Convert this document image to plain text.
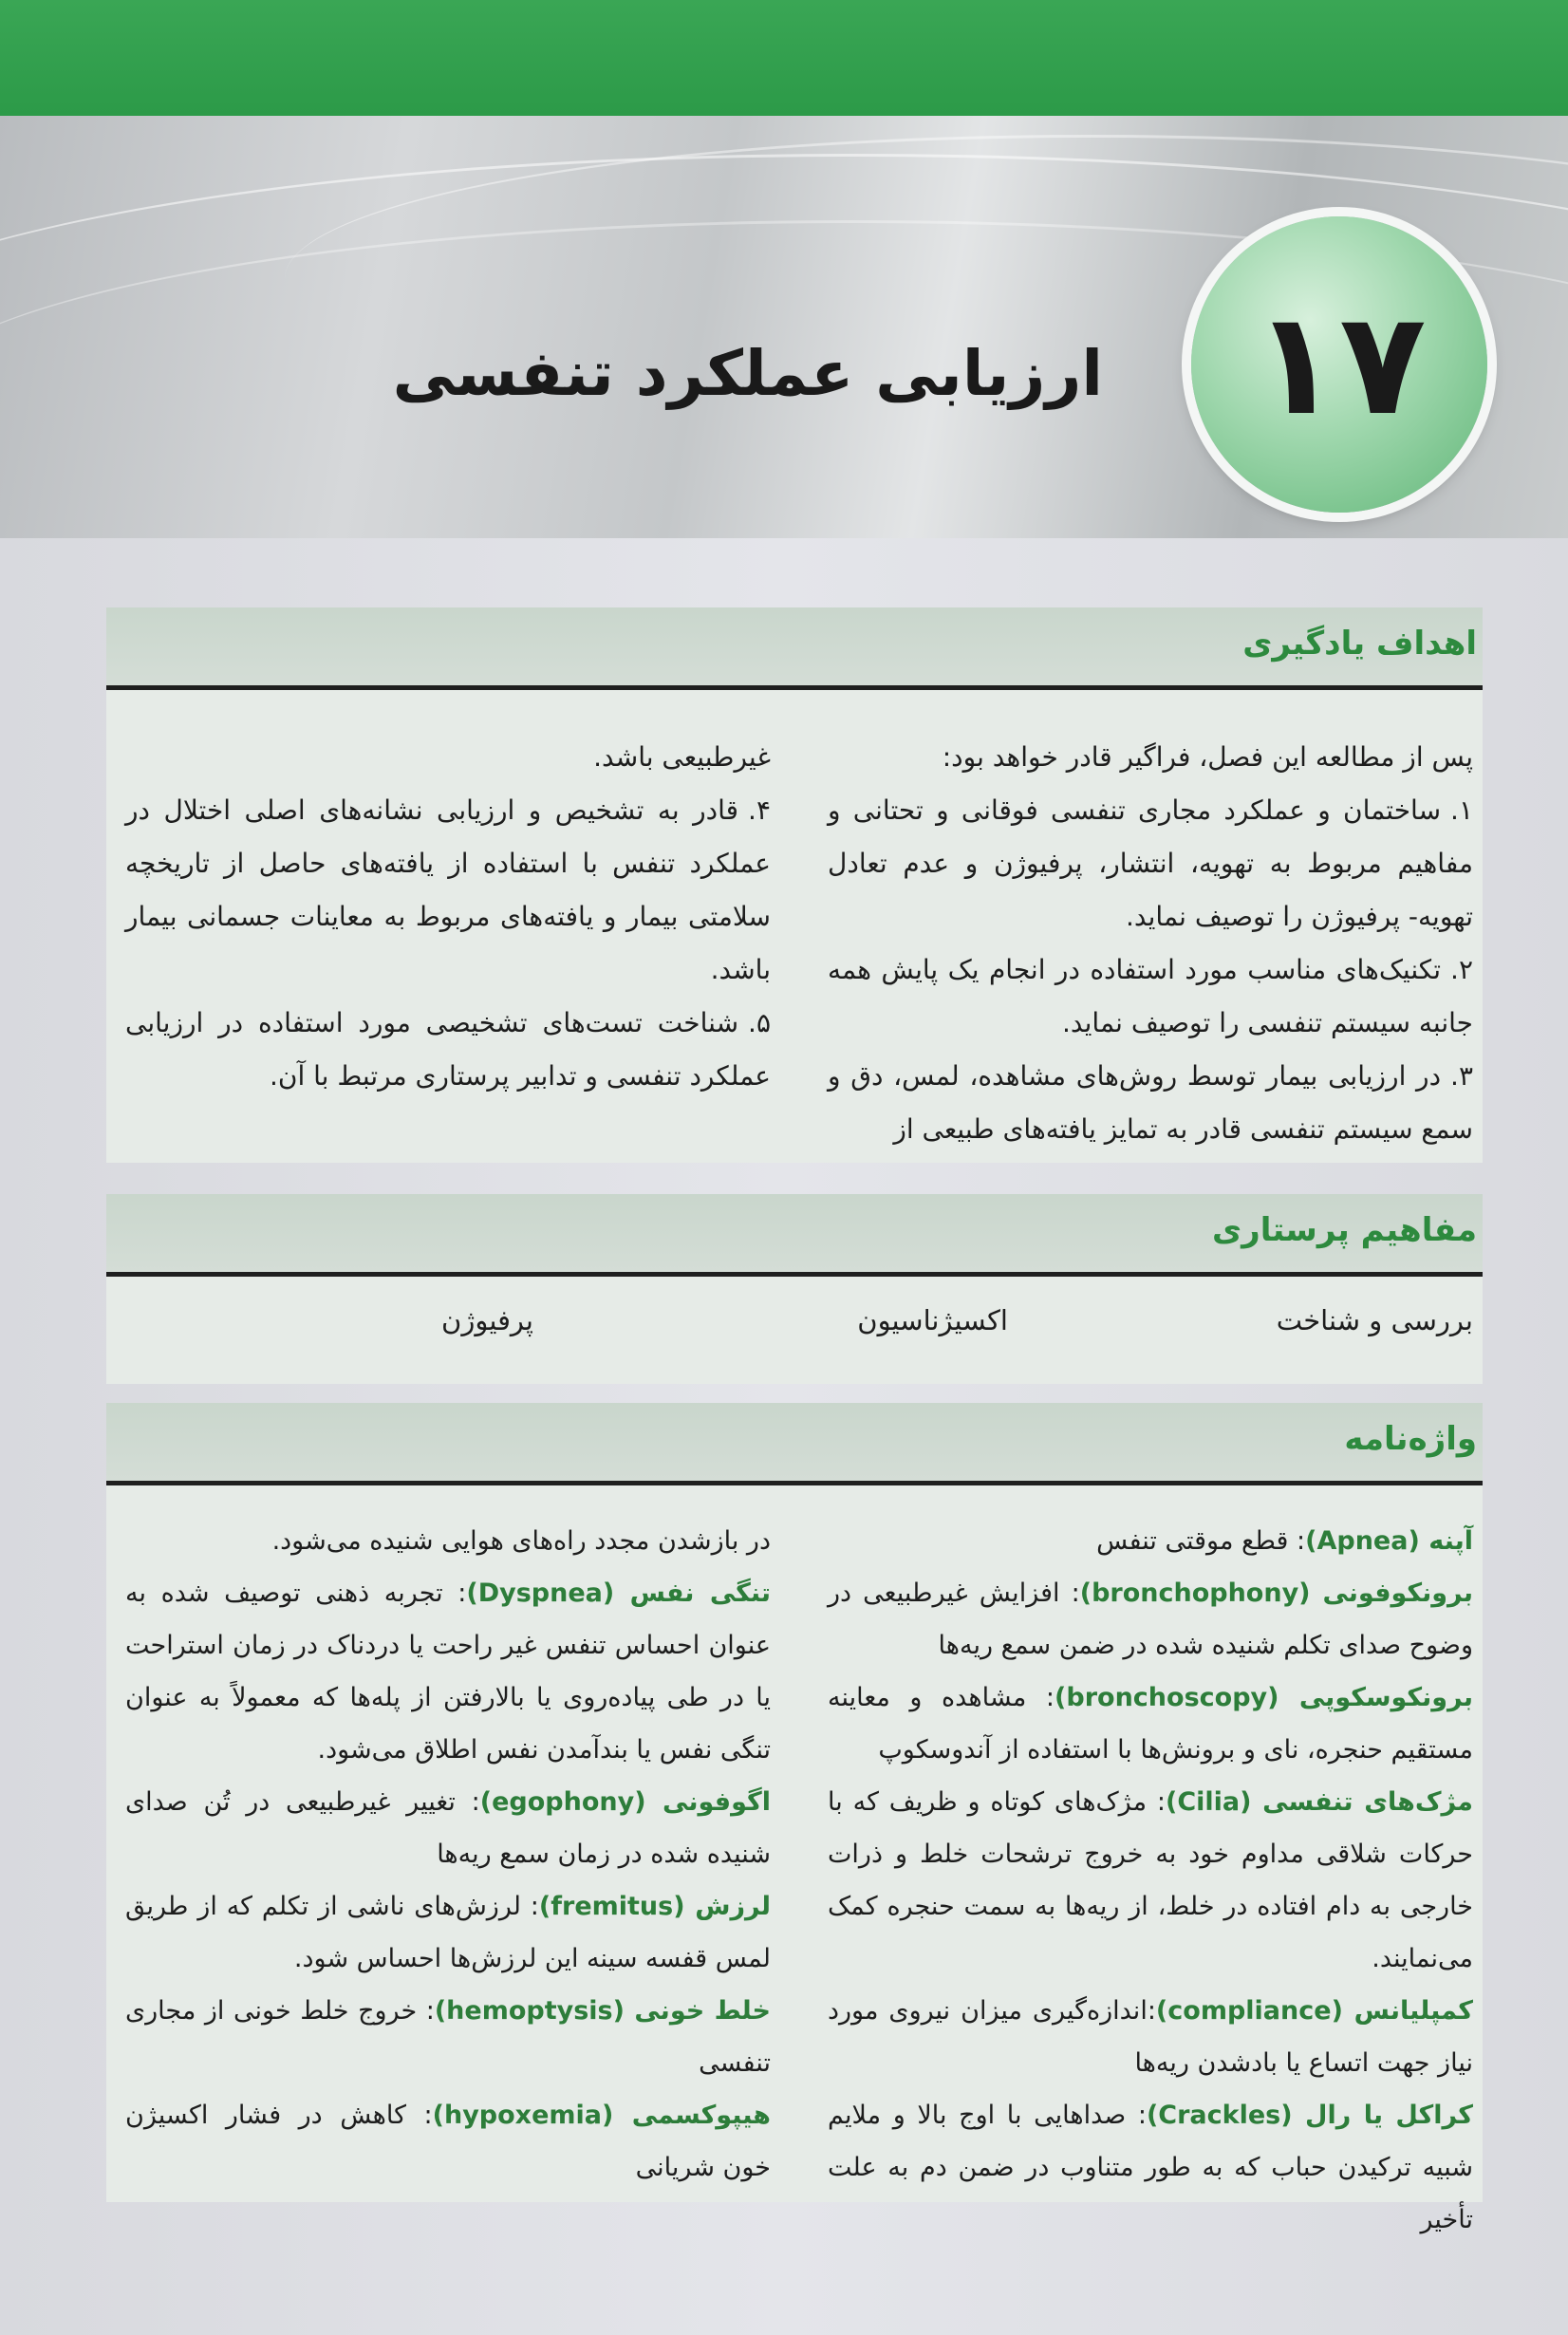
۱۷
ارزیابی عملکرد تنفسی
اهداف یادگیری
پس از مطالعه این فصل، فراگیر قادر خواهد بود:
۱.ساختمان و عملکرد مجاری تنفسی فوقانی و تحتانی و مفاهیم مربوط به تهویه، انتشار، پرفیوژن و عدم تعادل تهویه- پرفیوژن را توصیف نماید.
۲.تکنیک‌های مناسب مورد استفاده در انجام یک پایش همه جانبه سیستم تنفسی را توصیف نماید.
۳.در ارزیابی بیمار توسط روش‌های مشاهده، لمس، دق و سمع سیستم تنفسی قادر به تمایز یافته‌های طبیعی از
غیرطبیعی باشد.
۴.قادر به تشخیص و ارزیابی نشانه‌های اصلی اختلال در عملکرد تنفس با استفاده از یافته‌های حاصل از تاریخچه سلامتی بیمار و یافته‌های مربوط به معاینات جسمانی بیمار باشد.
۵.شناخت تست‌های تشخیصی مورد استفاده در ارزیابی عملکرد تنفسی و تدابیر پرستاری مرتبط با آن.
مفاهیم پرستاری
بررسی و شناخت
اکسیژناسیون
پرفیوژن
واژه‌نامه
آپنه (Apnea): قطع موقتی تنفس
برونکوفونی (bronchophony): افزایش غیرطبیعی در وضوح صدای تکلم شنیده شده در ضمن سمع ریه‌ها
برونکوسکوپی (bronchoscopy): مشاهده و معاینه مستقیم حنجره، نای و برونش‌ها با استفاده از آندوسکوپ
مژک‌های تنفسی (Cilia): مژک‌های کوتاه و ظریف که با حرکات شلاقی مداوم خود به خروج ترشحات خلط و ذرات خارجی به دام افتاده در خلط، از ریه‌ها به سمت حنجره کمک می‌نمایند.
کمپلیانس (compliance):اندازه‌گیری میزان نیروی مورد نیاز جهت اتساع یا بادشدن ریه‌ها
کراکل یا رال (Crackles): صداهایی با اوج بالا و ملایم شبیه ترکیدن حباب که به طور متناوب در ضمن دم به علت تأخیر
در بازشدن مجدد راه‌های هوایی شنیده می‌شود.
تنگی نفس (Dyspnea): تجربه ذهنی توصیف شده به عنوان احساس تنفس غیر راحت یا دردناک در زمان استراحت یا در طی پیاده‌روی یا بالارفتن از پله‌ها که معمولاً به عنوان تنگی نفس یا بندآمدن نفس اطلاق می‌شود.
اگوفونی (egophony): تغییر غیرطبیعی در تُن صدای شنیده شده در زمان سمع ریه‌ها
لرزش (fremitus): لرزش‌های ناشی از تکلم که از طریق لمس قفسه سینه این لرزش‌ها احساس شود.
خلط خونی (hemoptysis): خروج خلط خونی از مجاری تنفسی
هیپوکسمی (hypoxemia): کاهش در فشار اکسیژن خون شریانی
